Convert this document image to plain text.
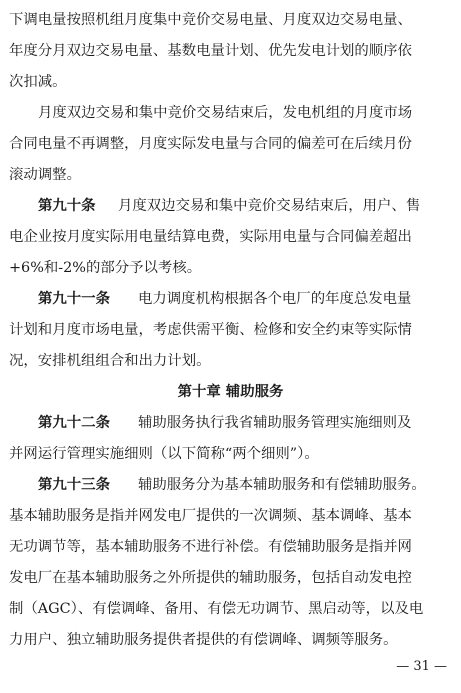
下调电量按照机组月度集中竞价交易电量、月度双边交易电量、
年度分月双边交易电量、基数电量计划、优先发电计划的顺序依
次扣减。
月度双边交易和集中竞价交易结束后，发电机组的月度市场
合同电量不再调整，月度实际发电量与合同的偏差可在后续月份
滚动调整。
第九十条 月度双边交易和集中竞价交易结束后，用户、售
电企业按月度实际用电量结算电费，实际用电量与合同偏差超出
+6%和-2%的部分予以考核。
第九十一条 电力调度机构根据各个电厂的年度总发电量
计划和月度市场电量，考虑供需平衡、检修和安全约束等实际情
况，安排机组组合和出力计划。
第十章 辅助服务
第九十二条 辅助服务执行我省辅助服务管理实施细则及
并网运行管理实施细则（以下简称“两个细则”）。
第九十三条 辅助服务分为基本辅助服务和有偿辅助服务。
基本辅助服务是指并网发电厂提供的一次调频、基本调峰、基本
无功调节等，基本辅助服务不进行补偿。有偿辅助服务是指并网
发电厂在基本辅助服务之外所提供的辅助服务，包括自动发电控
制（AGC）、有偿调峰、备用、有偿无功调节、黑启动等，以及电
力用户、独立辅助服务提供者提供的有偿调峰、调频等服务。
— 31 —
